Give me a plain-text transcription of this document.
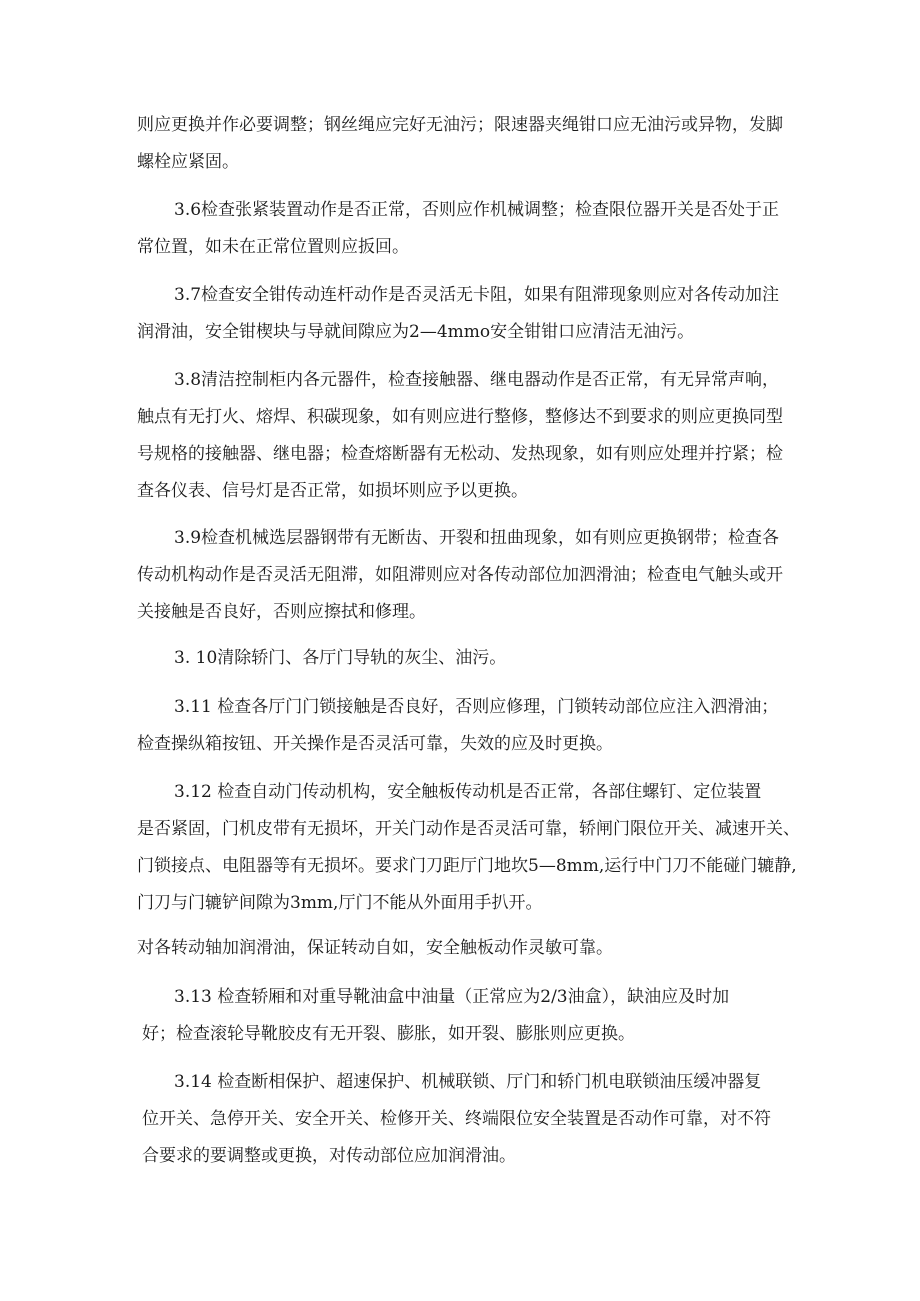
则应更换并作必要调整；钢丝绳应完好无油污；限速器夹绳钳口应无油污或异物，发脚
螺栓应紧固。
3.6检查张紧装置动作是否正常，否则应作机械调整；检查限位器开关是否处于正
常位置，如未在正常位置则应扳回。
3.7检查安全钳传动连杆动作是否灵活无卡阻，如果有阻滞现象则应对各传动加注
润滑油，安全钳楔块与导就间隙应为2—4mmo安全钳钳口应清洁无油污。
3.8清洁控制柜内各元器件，检查接触器、继电器动作是否正常，有无异常声响，
触点有无打火、熔焊、积碳现象，如有则应进行整修，整修达不到要求的则应更换同型
号规格的接触器、继电器；检查熔断器有无松动、发热现象，如有则应处理并拧紧；检
查各仪表、信号灯是否正常，如损坏则应予以更换。
3.9检查机械选层器钢带有无断齿、开裂和扭曲现象，如有则应更换钢带；检查各
传动机构动作是否灵活无阻滞，如阻滞则应对各传动部位加泗滑油；检查电气触头或开
关接触是否良好，否则应擦拭和修理。
3. 10清除轿门、各厅门导轨的灰尘、油污。
3.11 检查各厅门门锁接触是否良好，否则应修理，门锁转动部位应注入泗滑油；
检查操纵箱按钮、开关操作是否灵活可靠，失效的应及时更换。
3.12 检查自动门传动机构，安全触板传动机是否正常，各部住螺钉、定位装置
是否紧固，门机皮带有无损坏，开关门动作是否灵活可靠，轿闸门限位开关、减速开关、
门锁接点、电阻器等有无损坏。要求门刀距厅门地坎5—8mm,运行中门刀不能碰门辘静,
门刀与门辘铲间隙为3mm,厅门不能从外面用手扒开。
对各转动轴加润滑油，保证转动自如，安全触板动作灵敏可靠。
3.13 检查轿厢和对重导靴油盒中油量（正常应为2/3油盒），缺油应及时加
好；检查滚轮导靴胶皮有无开裂、膨胀，如开裂、膨胀则应更换。
3.14 检查断相保护、超速保护、机械联锁、厅门和轿门机电联锁油压缓冲器复
位开关、急停开关、安全开关、检修开关、终端限位安全装置是否动作可靠，对不符
合要求的要调整或更换，对传动部位应加润滑油。
